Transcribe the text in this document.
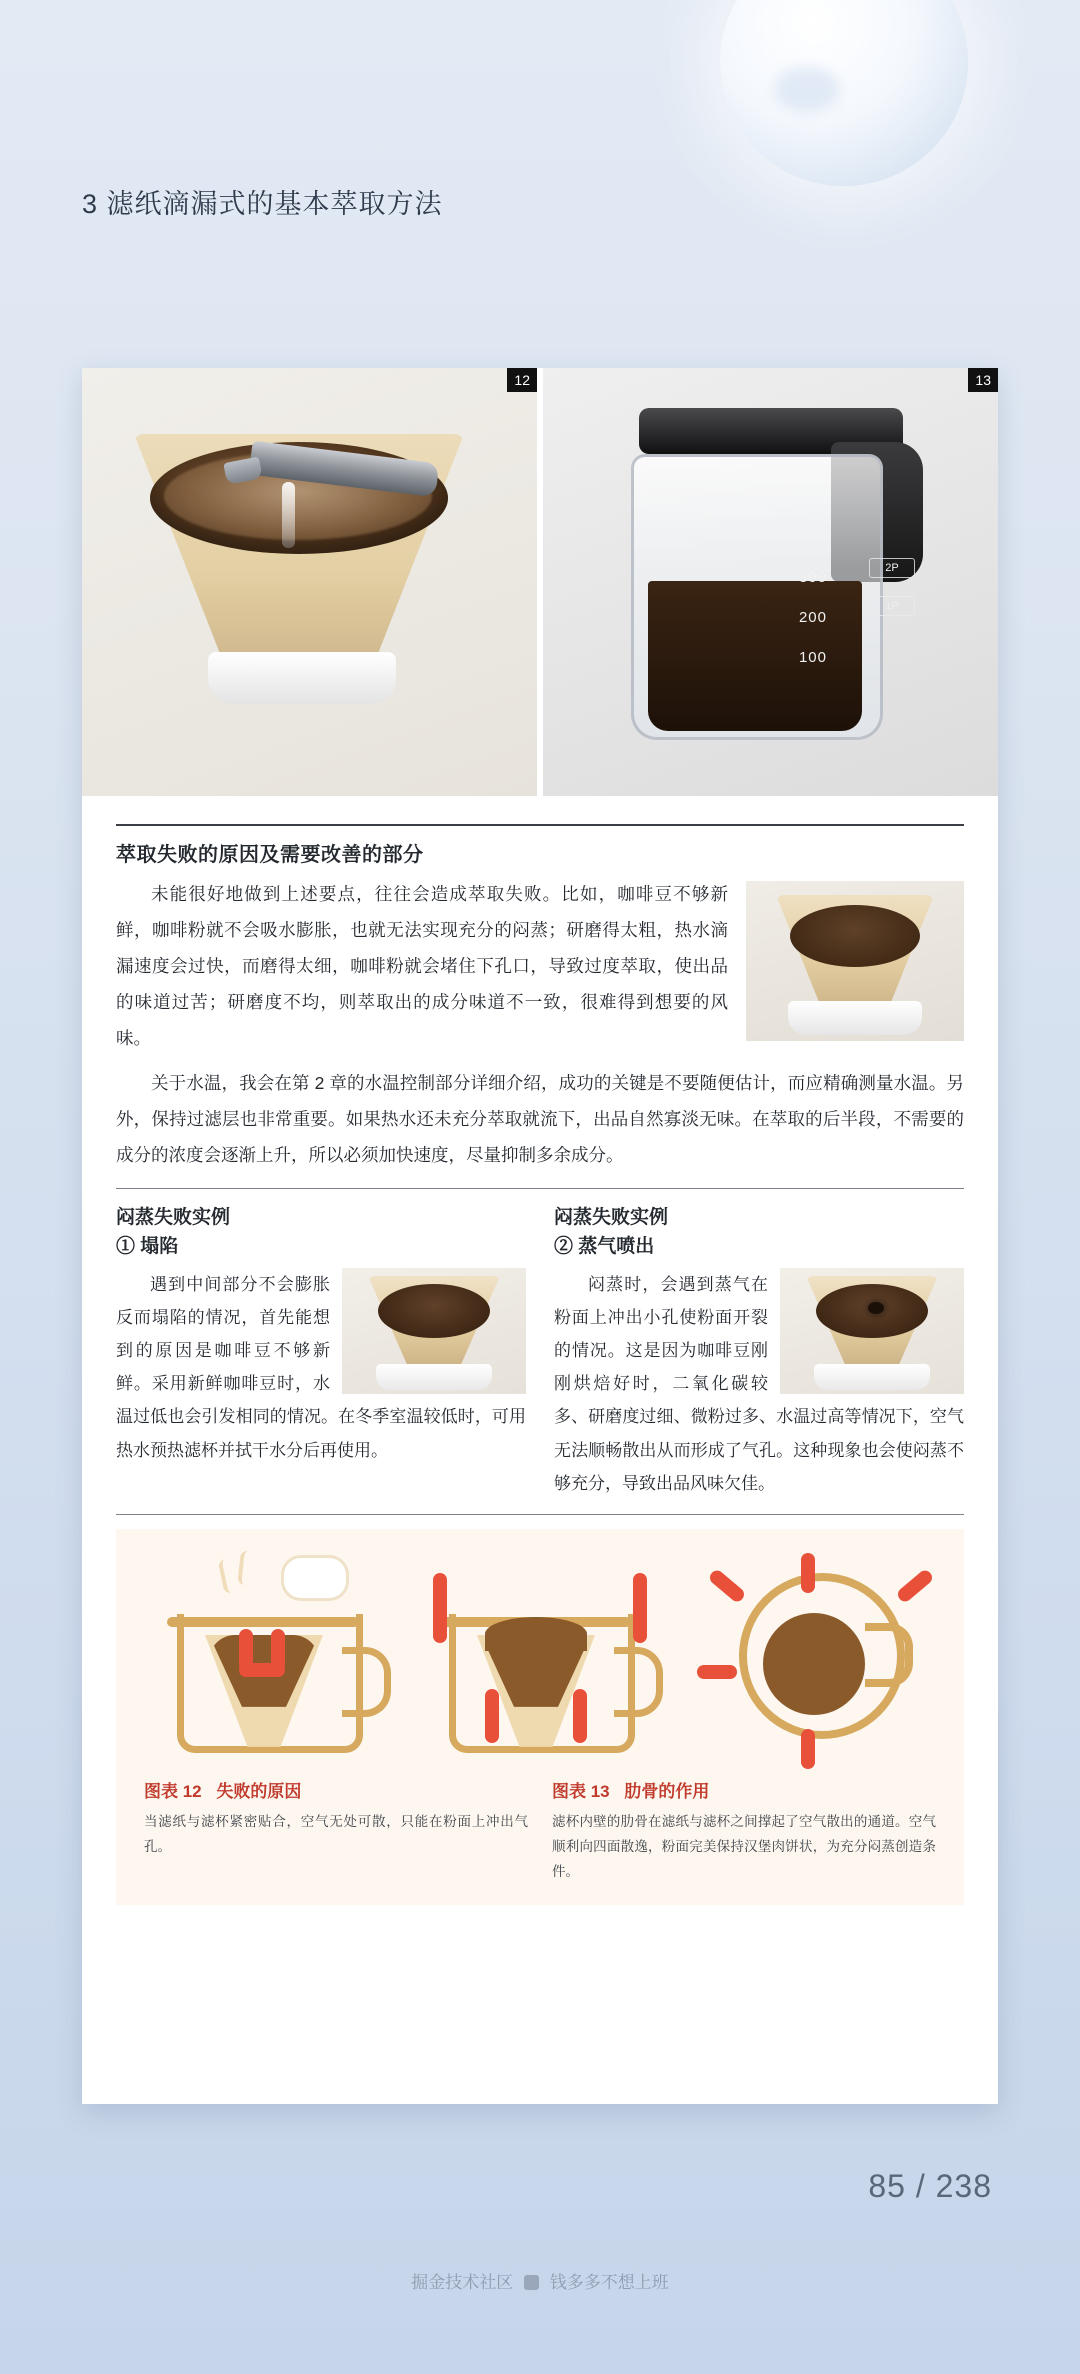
3 滤纸滴漏式的基本萃取方法
12	13
300
200
100
2P
1P
萃取失败的原因及需要改善的部分

未能很好地做到上述要点，往往会造成萃取失败。比如，咖啡豆不够新鲜，咖啡粉就不会吸水膨胀，也就无法实现充分的闷蒸；研磨得太粗，热水滴漏速度会过快，而磨得太细，咖啡粉就会堵住下孔口，导致过度萃取，使出品的味道过苦；研磨度不均，则萃取出的成分味道不一致，很难得到想要的风味。

关于水温，我会在第 2 章的水温控制部分详细介绍，成功的关键是不要随便估计，而应精确测量水温。另外，保持过滤层也非常重要。如果热水还未充分萃取就流下，出品自然寡淡无味。在萃取的后半段，不需要的成分的浓度会逐渐上升，所以必须加快速度，尽量抑制多余成分。

闷蒸失败实例
① 塌陷

遇到中间部分不会膨胀反而塌陷的情况，首先能想到的原因是咖啡豆不够新鲜。采用新鲜咖啡豆时，水温过低也会引发相同的情况。在冬季室温较低时，可用热水预热滤杯并拭干水分后再使用。

闷蒸失败实例
② 蒸气喷出

闷蒸时，会遇到蒸气在粉面上冲出小孔使粉面开裂的情况。这是因为咖啡豆刚刚烘焙好时，二氧化碳较多、研磨度过细、微粉过多、水温过高等情况下，空气无法顺畅散出从而形成了气孔。这种现象也会使闷蒸不够充分，导致出品风味欠佳。

图表 12 失败的原因
当滤纸与滤杯紧密贴合，空气无处可散，只能在粉面上冲出气孔。
图表 13 肋骨的作用
滤杯内壁的肋骨在滤纸与滤杯之间撑起了空气散出的通道。空气顺利向四面散逸，粉面完美保持汉堡肉饼状，为充分闷蒸创造条件。
85 / 238
掘金技术社区 钱多多不想上班
